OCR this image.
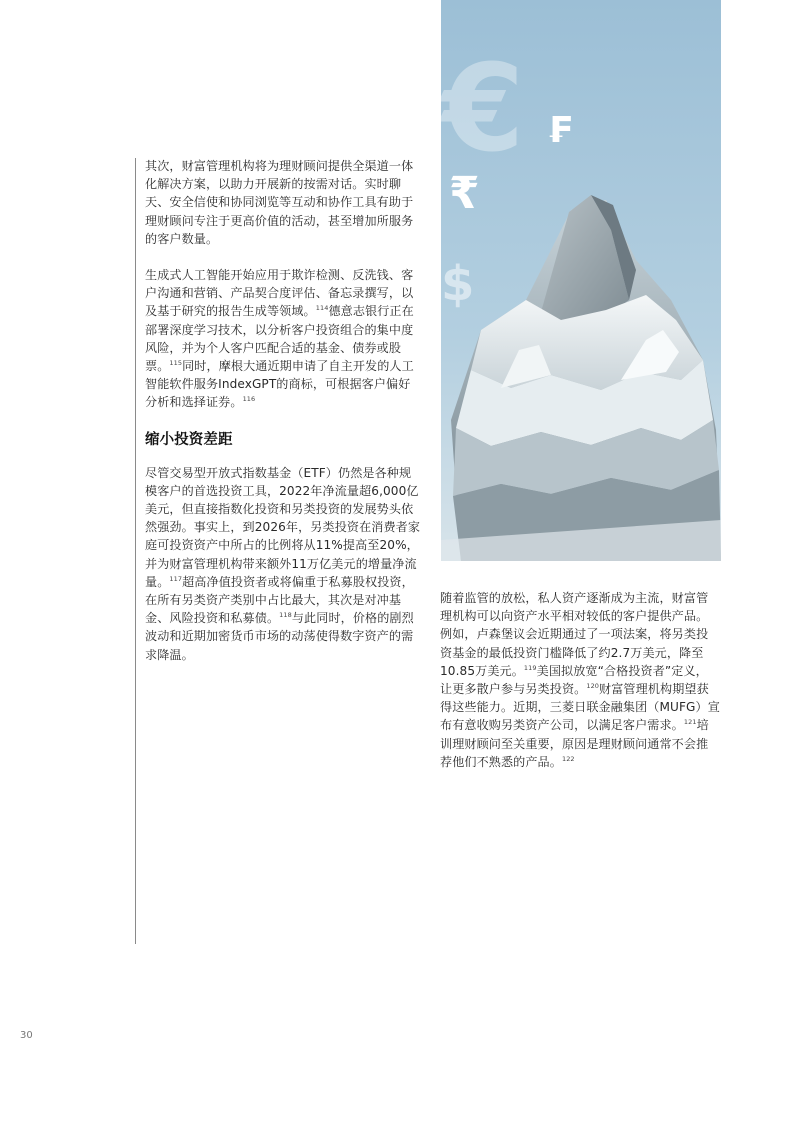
其次，财富管理机构将为理财顾问提供全渠道一体化解决方案，以助力开展新的按需对话。实时聊天、安全信使和协同浏览等互动和协作工具有助于理财顾问专注于更高价值的活动，甚至增加所服务的客户数量。

生成式人工智能开始应用于欺诈检测、反洗钱、客户沟通和营销、产品契合度评估、备忘录撰写，以及基于研究的报告生成等领域。$^{114}$德意志银行正在部署深度学习技术，以分析客户投资组合的集中度风险，并为个人客户匹配合适的基金、债券或股票。$^{115}$同时，摩根大通近期申请了自主开发的人工智能软件服务IndexGPT的商标，可根据客户偏好分析和选择证券。$^{116}$

缩小投资差距

尽管交易型开放式指数基金（ETF）仍然是各种规模客户的首选投资工具，2022年净流量超6,000亿美元，但直接指数化投资和另类投资的发展势头依然强劲。事实上，到2026年，另类投资在消费者家庭可投资资产中所占的比例将从11%提高至20%，并为财富管理机构带来额外11万亿美元的增量净流量。$^{117}$超高净值投资者或将偏重于私募股权投资，在所有另类资产类别中占比最大，其次是对冲基金、风险投资和私募债。$^{118}$与此同时，价格的剧烈波动和近期加密货币市场的动荡使得数字资产的需求降温。

€ ₣
₹
$

随着监管的放松，私人资产逐渐成为主流，财富管理机构可以向资产水平相对较低的客户提供产品。例如，卢森堡议会近期通过了一项法案，将另类投资基金的最低投资门槛降低了约2.7万美元，降至10.85万美元。$^{119}$美国拟放宽“合格投资者”定义，让更多散户参与另类投资。$^{120}$财富管理机构期望获得这些能力。近期，三菱日联金融集团（MUFG）宣布有意收购另类资产公司，以满足客户需求。$^{121}$培训理财顾问至关重要，原因是理财顾问通常不会推荐他们不熟悉的产品。$^{122}$

30
